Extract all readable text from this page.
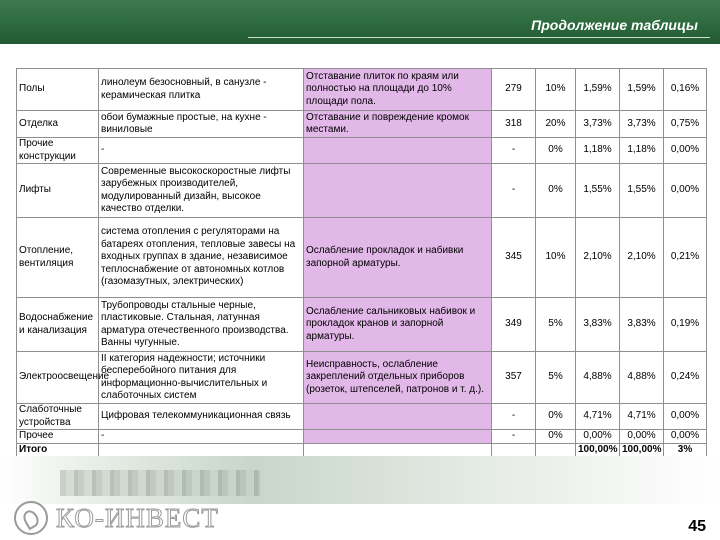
Продолжение таблицы
Полы	линолеум безосновный, в санузле - керамическая плитка	Отставание плиток по краям или полностью на площади до 10% площади пола.	279	10%	1,59%	1,59%	0,16%
Отделка	обои бумажные простые, на кухне - виниловые	Отставание и повреждение кромок местами.	318	20%	3,73%	3,73%	0,75%
Прочие конструкции	-		-	0%	1,18%	1,18%	0,00%
Лифты	Современные высокоскоростные лифты зарубежных производителей, модулированный дизайн, высокое качество отделки.		-	0%	1,55%	1,55%	0,00%
Отопление, вентиляция	система отопления с регуляторами на батареях отопления, тепловые завесы на входных группах в здание, независимое теплоснабжение от автономных котлов (газомазутных, электрических)	Ослабление прокладок и набивки запорной арматуры.	345	10%	2,10%	2,10%	0,21%
Водоснабжение и канализация	Трубопроводы стальные черные, пластиковые. Стальная, латунная арматура отечественного производства. Ванны чугунные.	Ослабление сальниковых набивок и прокладок кранов и запорной арматуры.	349	5%	3,83%	3,83%	0,19%
Электроосвещение	II категория надежности; источники бесперебойного питания для информационно-вычислительных и слаботочных систем	Неисправность, ослабление закреплений отдельных приборов (розеток, штепселей, патронов и т. д.).	357	5%	4,88%	4,88%	0,24%
Слаботочные устройства	Цифровая телекоммуникационная связь		-	0%	4,71%	4,71%	0,00%
Прочее	-		-	0%	0,00%	0,00%	0,00%
Итого					100,00%	100,00%	3%
КО-ИНВЕСТ	45
